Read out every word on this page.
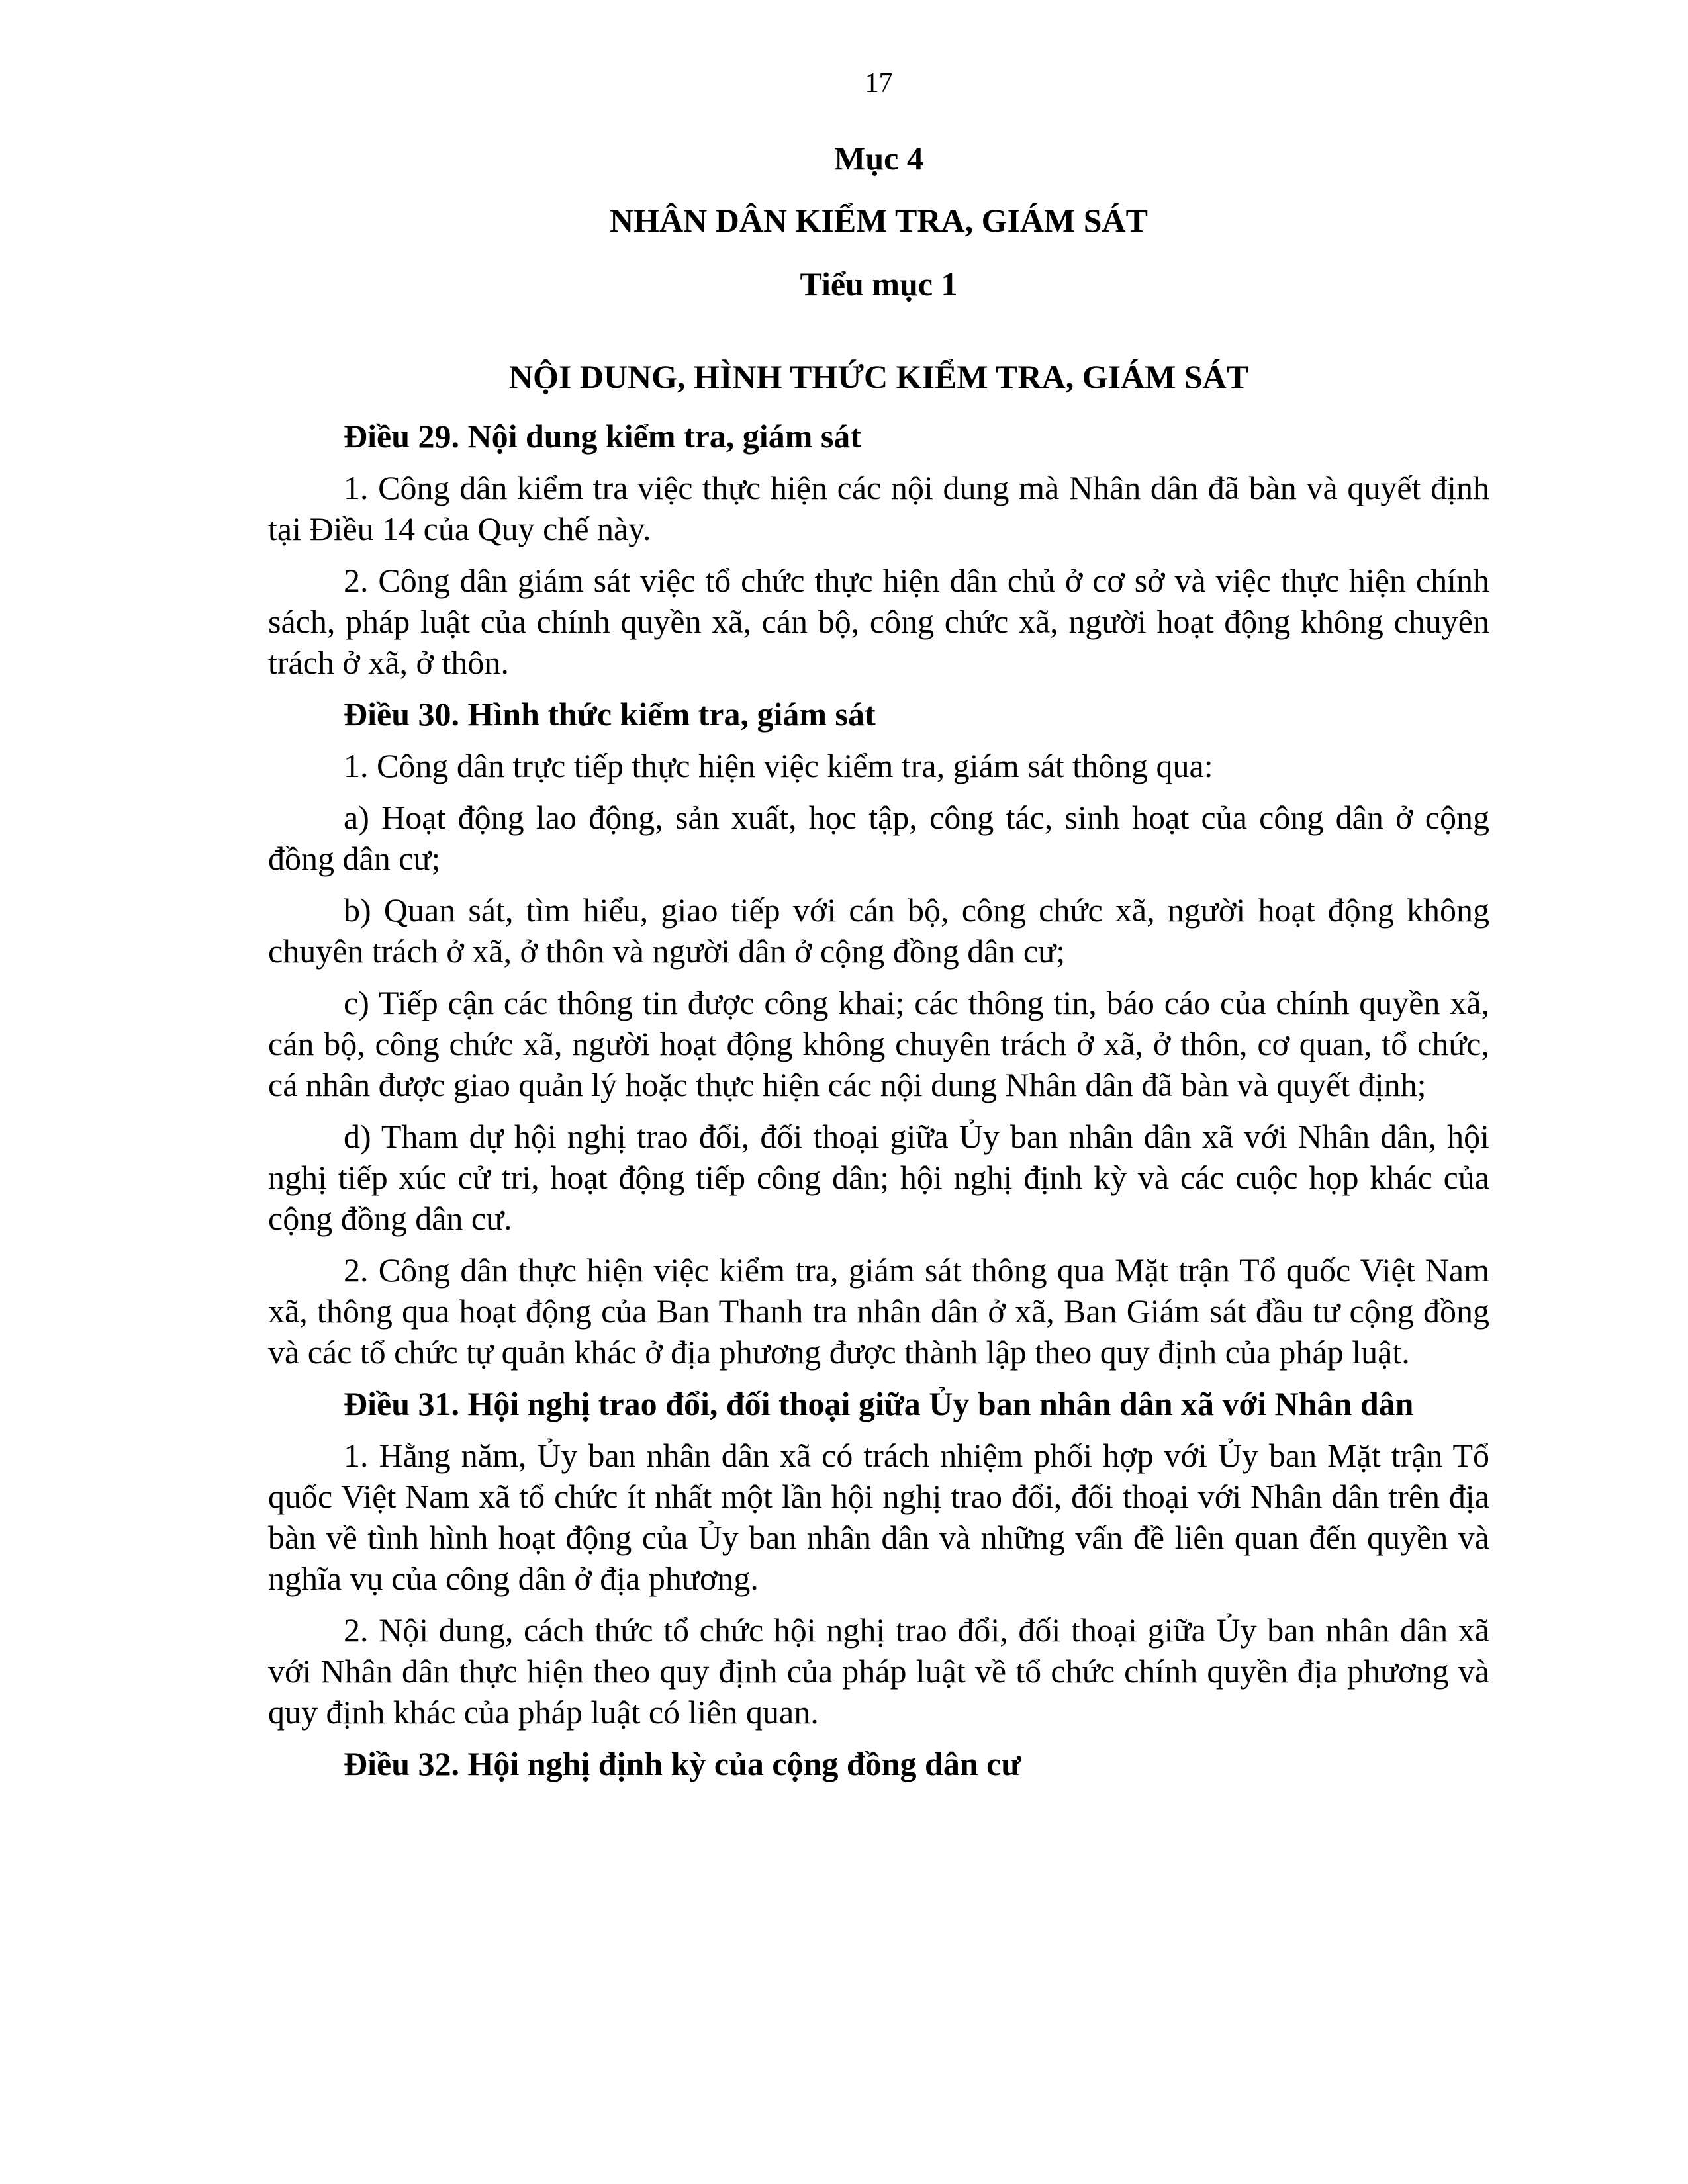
17
Mục 4
NHÂN DÂN KIỂM TRA, GIÁM SÁT
Tiểu mục 1
NỘI DUNG, HÌNH THỨC KIỂM TRA, GIÁM SÁT

Điều 29. Nội dung kiểm tra, giám sát

1. Công dân kiểm tra việc thực hiện các nội dung mà Nhân dân đã bàn và quyết định tại Điều 14 của Quy chế này.

2. Công dân giám sát việc tổ chức thực hiện dân chủ ở cơ sở và việc thực hiện chính sách, pháp luật của chính quyền xã, cán bộ, công chức xã, người hoạt động không chuyên trách ở xã, ở thôn.

Điều 30. Hình thức kiểm tra, giám sát

1. Công dân trực tiếp thực hiện việc kiểm tra, giám sát thông qua:

a) Hoạt động lao động, sản xuất, học tập, công tác, sinh hoạt của công dân ở cộng đồng dân cư;

b) Quan sát, tìm hiểu, giao tiếp với cán bộ, công chức xã, người hoạt động không chuyên trách ở xã, ở thôn và người dân ở cộng đồng dân cư;

c) Tiếp cận các thông tin được công khai; các thông tin, báo cáo của chính quyền xã, cán bộ, công chức xã, người hoạt động không chuyên trách ở xã, ở thôn, cơ quan, tổ chức, cá nhân được giao quản lý hoặc thực hiện các nội dung Nhân dân đã bàn và quyết định;

d) Tham dự hội nghị trao đổi, đối thoại giữa Ủy ban nhân dân xã với Nhân dân, hội nghị tiếp xúc cử tri, hoạt động tiếp công dân; hội nghị định kỳ và các cuộc họp khác của cộng đồng dân cư.

2. Công dân thực hiện việc kiểm tra, giám sát thông qua Mặt trận Tổ quốc Việt Nam xã, thông qua hoạt động của Ban Thanh tra nhân dân ở xã, Ban Giám sát đầu tư cộng đồng và các tổ chức tự quản khác ở địa phương được thành lập theo quy định của pháp luật.

Điều 31. Hội nghị trao đổi, đối thoại giữa Ủy ban nhân dân xã với Nhân dân

1. Hằng năm, Ủy ban nhân dân xã có trách nhiệm phối hợp với Ủy ban Mặt trận Tổ quốc Việt Nam xã tổ chức ít nhất một lần hội nghị trao đổi, đối thoại với Nhân dân trên địa bàn về tình hình hoạt động của Ủy ban nhân dân và những vấn đề liên quan đến quyền và nghĩa vụ của công dân ở địa phương.

2. Nội dung, cách thức tổ chức hội nghị trao đổi, đối thoại giữa Ủy ban nhân dân xã với Nhân dân thực hiện theo quy định của pháp luật về tổ chức chính quyền địa phương và quy định khác của pháp luật có liên quan.

Điều 32. Hội nghị định kỳ của cộng đồng dân cư
